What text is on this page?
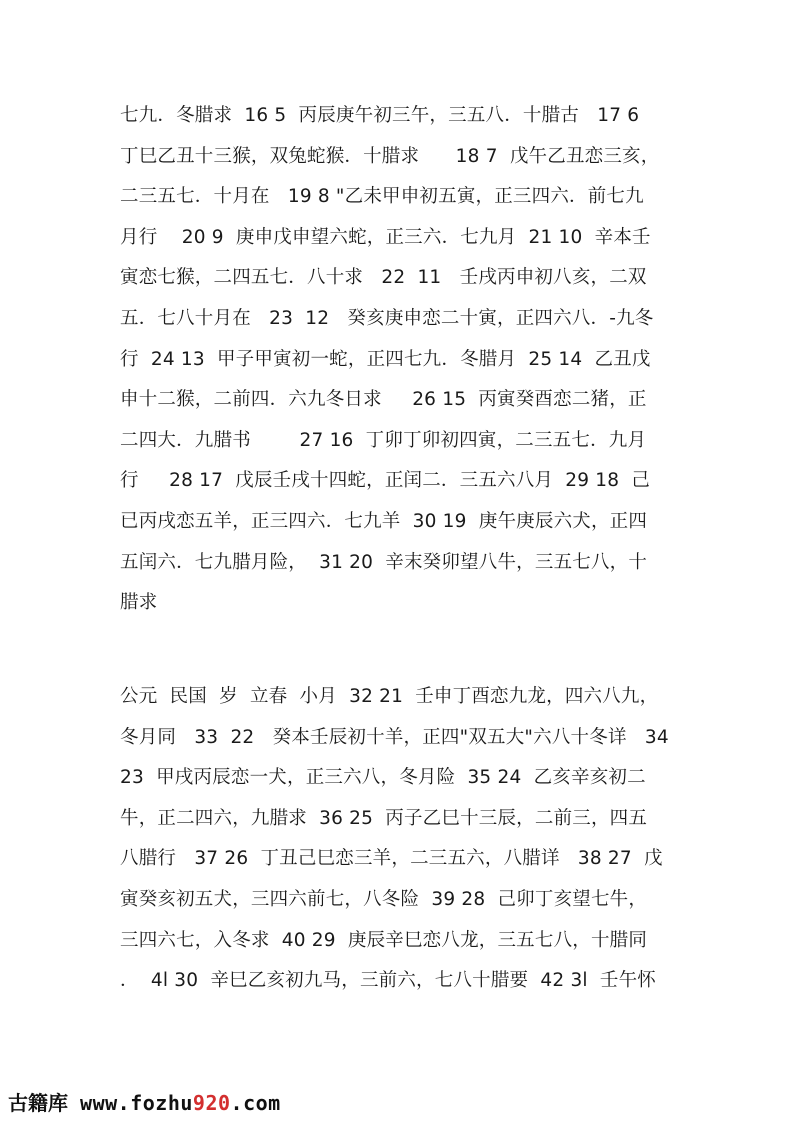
七九．冬腊求  16 5  丙辰庚午初三午，三五八．十腊古   17 6
丁巳乙丑十三猴，双兔蛇猴．十腊求      18 7  戊午乙丑恋三亥，
二三五七．十月在   19 8 "乙未甲申初五寅，正三四六．前七九
月行    20 9  庚申戊申望六蛇，正三六．七九月  21 10  辛本壬
寅恋七猴，二四五七．八十求   22  11   壬戌丙申初八亥，二双
五．七八十月在   23  12   癸亥庚申恋二十寅，正四六八．-九冬
行  24 13  甲子甲寅初一蛇，正四七九．冬腊月  25 14  乙丑戊
申十二猴，二前四．六九冬日求     26 15  丙寅癸酉恋二猪，正
二四大．九腊书        27 16  丁卯丁卯初四寅，二三五七．九月
行     28 17  戊辰壬戌十四蛇，正闰二．三五六八月  29 18  己
已丙戌恋五羊，正三四六．七九羊  30 19  庚午庚辰六犬，正四
五闰六．七九腊月险，  31 20  辛末癸卯望八牛，三五七八，十
腊求
公元  民国  岁  立春  小月  32 21  壬申丁酉恋九龙，四六八九，
冬月同   33  22   癸本壬辰初十羊，正四"双五大"六八十冬详   34
23  甲戌丙辰恋一犬，正三六八，冬月险  35 24  乙亥辛亥初二
牛，正二四六，九腊求  36 25  丙子乙巳十三辰，二前三，四五
八腊行   37 26  丁丑己巳恋三羊，二三五六，八腊详   38 27  戊
寅癸亥初五犬，三四六前七，八冬险  39 28  己卯丁亥望七牛，
三四六七，入冬求  40 29  庚辰辛巳恋八龙，三五七八，十腊同
．  4l 30  辛巳乙亥初九马，三前六，七八十腊要  42 3l  壬午怀
古籍库 www.fozhu920.com
